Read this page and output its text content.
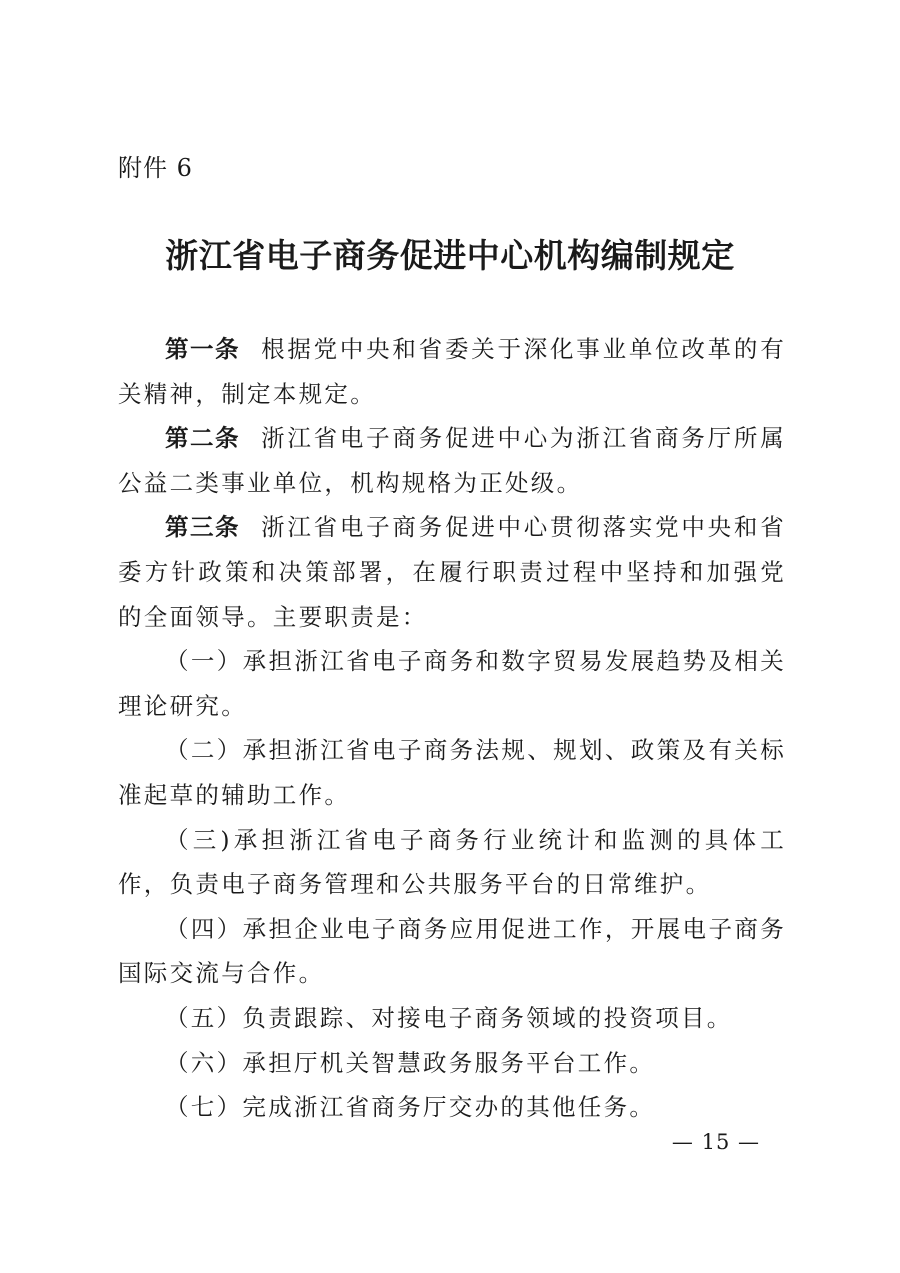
附件 6
浙江省电子商务促进中心机构编制规定

第一条 根据党中央和省委关于深化事业单位改革的有关精神，制定本规定。

第二条 浙江省电子商务促进中心为浙江省商务厅所属公益二类事业单位，机构规格为正处级。

第三条 浙江省电子商务促进中心贯彻落实党中央和省委方针政策和决策部署，在履行职责过程中坚持和加强党的全面领导。主要职责是：

（一）承担浙江省电子商务和数字贸易发展趋势及相关理论研究。

（二）承担浙江省电子商务法规、规划、政策及有关标准起草的辅助工作。

（三)承担浙江省电子商务行业统计和监测的具体工作，负责电子商务管理和公共服务平台的日常维护。

（四）承担企业电子商务应用促进工作，开展电子商务国际交流与合作。

（五）负责跟踪、对接电子商务领域的投资项目。

（六）承担厅机关智慧政务服务平台工作。

（七）完成浙江省商务厅交办的其他任务。

— 15 —
